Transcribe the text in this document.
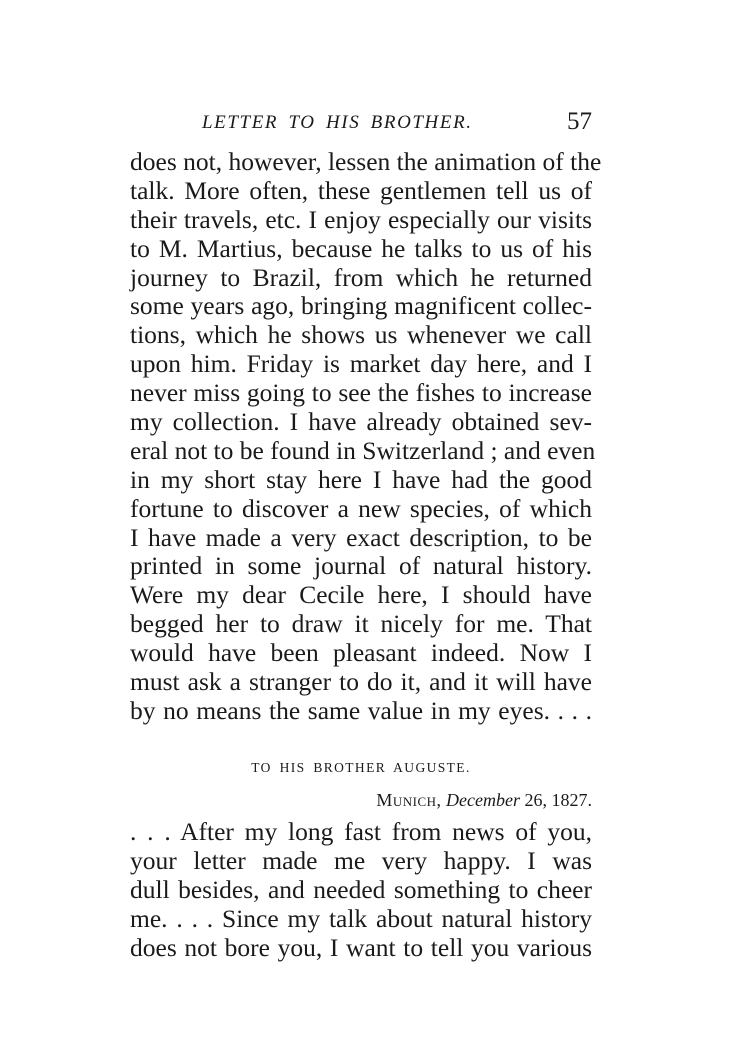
LETTER TO HIS BROTHER.	57
does not, however, lessen the animation of the
talk. More often, these gentlemen tell us of
their travels, etc. I enjoy especially our visits
to M. Martius, because he talks to us of his
journey to Brazil, from which he returned
some years ago, bringing magnificent collec-
tions, which he shows us whenever we call
upon him. Friday is market day here, and I
never miss going to see the fishes to increase
my collection. I have already obtained sev-
eral not to be found in Switzerland ; and even
in my short stay here I have had the good
fortune to discover a new species, of which
I have made a very exact description, to be
printed in some journal of natural history.
Were my dear Cecile here, I should have
begged her to draw it nicely for me. That
would have been pleasant indeed. Now I
must ask a stranger to do it, and it will have
by no means the same value in my eyes. . . .
TO HIS BROTHER AUGUSTE.
Munich, December 26, 1827.
. . . After my long fast from news of you,
your letter made me very happy. I was
dull besides, and needed something to cheer
me. . . . Since my talk about natural history
does not bore you, I want to tell you various
